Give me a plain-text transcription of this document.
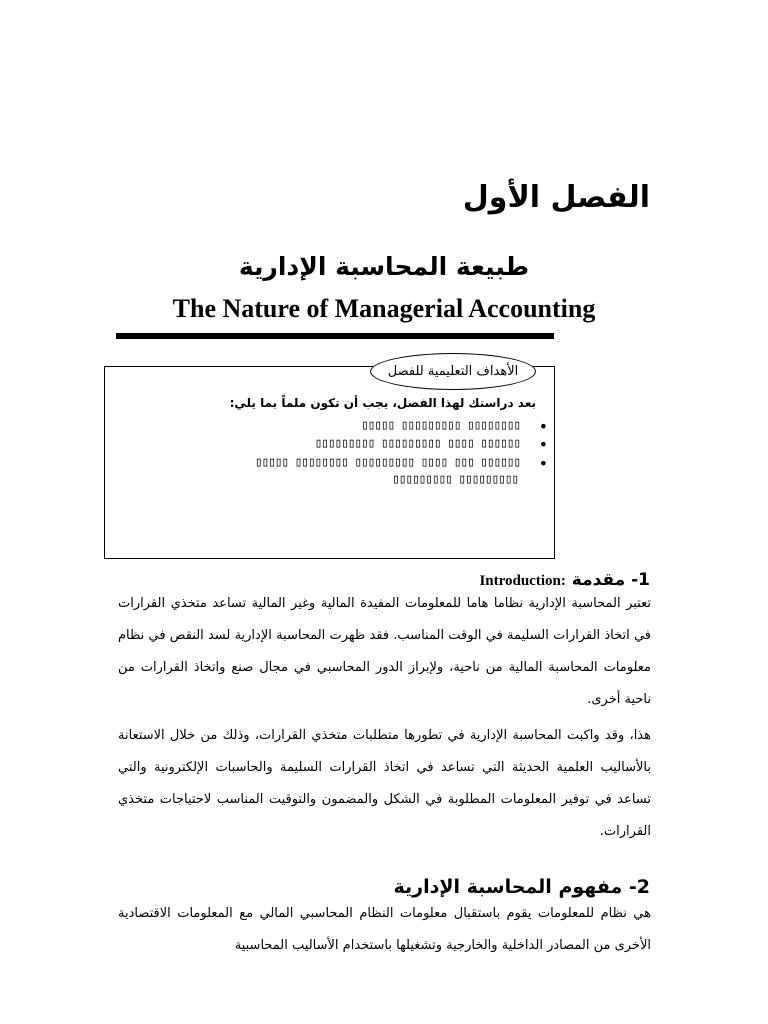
الفصل الأول
طبيعة المحاسبة الإدارية
The Nature of Managerial Accounting
الأهداف التعليمية للفصل
بعد دراستك لهذا الفصل، يجب أن تكون ملماً بما يلي:
▯▯▯▯▯ ▯▯▯▯▯▯▯▯▯ ▯▯▯▯▯▯▯▯ •
▯▯▯▯▯▯▯▯▯ ▯▯▯▯▯▯▯▯▯ ▯▯▯▯ ▯▯▯▯▯▯ •
▯▯▯▯▯ ▯▯▯▯▯▯▯▯ ▯▯▯▯▯▯▯▯▯ ▯▯▯▯ ▯▯▯ ▯▯▯▯▯▯ •
▯▯▯▯▯▯▯▯▯ ▯▯▯▯▯▯▯▯▯
1- مقدمة Introduction:

تعتبر المحاسبة الإدارية نظاما هاما للمعلومات المفيدة المالية وغير المالية تساعد متخذي القرارات في اتخاذ القرارات السليمة في الوقت المناسب. فقد ظهرت المحاسبة الإدارية لسد النقص في نظام معلومات المحاسبة المالية من ناحية، ولإبراز الدور المحاسبي في مجال صنع واتخاذ القرارات من ناحية أخرى.

هذا، وقد واكبت المحاسبة الإدارية في تطورها متطلبات متخذي القرارات، وذلك من خلال الاستعانة بالأساليب العلمية الحديثة التي تساعد في اتخاذ القرارات السليمة والحاسبات الإلكترونية والتي تساعد في توفير المعلومات المطلوبة في الشكل والمضمون والتوقيت المناسب لاحتياجات متخذي القرارات.

2- مفهوم المحاسبة الإدارية

هي نظام للمعلومات يقوم باستقبال معلومات النظام المحاسبي المالي مع المعلومات الاقتصادية الأخرى من المصادر الداخلية والخارجية وتشغيلها باستخدام الأساليب المحاسبية
